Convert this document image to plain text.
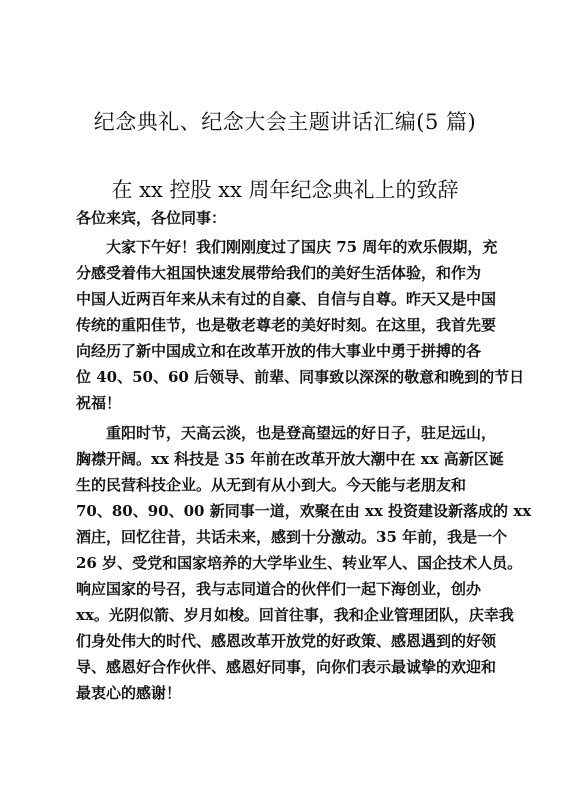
纪念典礼、纪念大会主题讲话汇编(5 篇)
在 xx 控股 xx 周年纪念典礼上的致辞
各位来宾，各位同事：
　　大家下午好！我们刚刚度过了国庆 75 周年的欢乐假期，充
分感受着伟大祖国快速发展带给我们的美好生活体验，和作为
中国人近两百年来从未有过的自豪、自信与自尊。昨天又是中国
传统的重阳佳节，也是敬老尊老的美好时刻。在这里，我首先要
向经历了新中国成立和在改革开放的伟大事业中勇于拼搏的各
位 40、50、60 后领导、前辈、同事致以深深的敬意和晚到的节日
祝福！
　　重阳时节，天高云淡，也是登高望远的好日子，驻足远山，
胸襟开阔。xx 科技是 35 年前在改革开放大潮中在 xx 高新区诞
生的民营科技企业。从无到有从小到大。今天能与老朋友和
70、80、90、00 新同事一道，欢聚在由 xx 投资建设新落成的 xx
酒庄，回忆往昔，共话未来，感到十分激动。35 年前，我是一个
26 岁、受党和国家培养的大学毕业生、转业军人、国企技术人员。
响应国家的号召，我与志同道合的伙伴们一起下海创业，创办
xx。光阴似箭、岁月如梭。回首往事，我和企业管理团队，庆幸我
们身处伟大的时代、感恩改革开放党的好政策、感恩遇到的好领
导、感恩好合作伙伴、感恩好同事，向你们表示最诚挚的欢迎和
最衷心的感谢！
